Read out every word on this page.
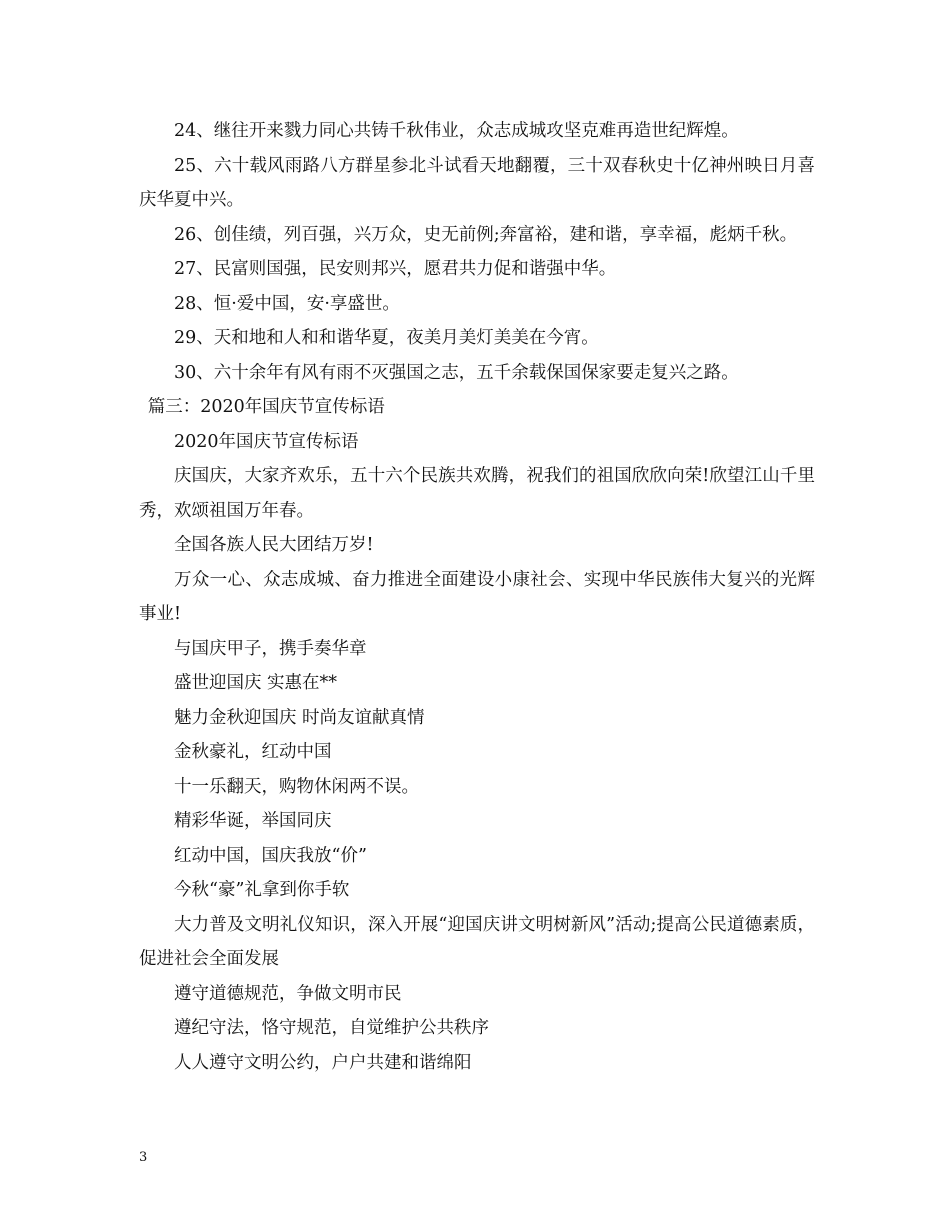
24、继往开来戮力同心共铸千秋伟业，众志成城攻坚克难再造世纪辉煌。

25、六十载风雨路八方群星参北斗试看天地翻覆，三十双春秋史十亿神州映日月喜庆华夏中兴。

26、创佳绩，列百强，兴万众，史无前例;奔富裕，建和谐，享幸福，彪炳千秋。

27、民富则国强，民安则邦兴，愿君共力促和谐强中华。

28、恒·爱中国，安·享盛世。

29、天和地和人和和谐华夏，夜美月美灯美美在今宵。

30、六十余年有风有雨不灭强国之志，五千余载保国保家要走复兴之路。

篇三：2020年国庆节宣传标语

2020年国庆节宣传标语

庆国庆，大家齐欢乐，五十六个民族共欢腾，祝我们的祖国欣欣向荣!欣望江山千里秀，欢颂祖国万年春。

全国各族人民大团结万岁!

万众一心、众志成城、奋力推进全面建设小康社会、实现中华民族伟大复兴的光辉事业!

与国庆甲子，携手奏华章

盛世迎国庆 实惠在**

魅力金秋迎国庆 时尚友谊献真情

金秋豪礼，红动中国

十一乐翻天，购物休闲两不误。

精彩华诞，举国同庆

红动中国，国庆我放“价”

今秋“豪”礼拿到你手软

大力普及文明礼仪知识，深入开展“迎国庆讲文明树新风”活动;提高公民道德素质，促进社会全面发展

遵守道德规范，争做文明市民

遵纪守法，恪守规范，自觉维护公共秩序

人人遵守文明公约，户户共建和谐绵阳

3
